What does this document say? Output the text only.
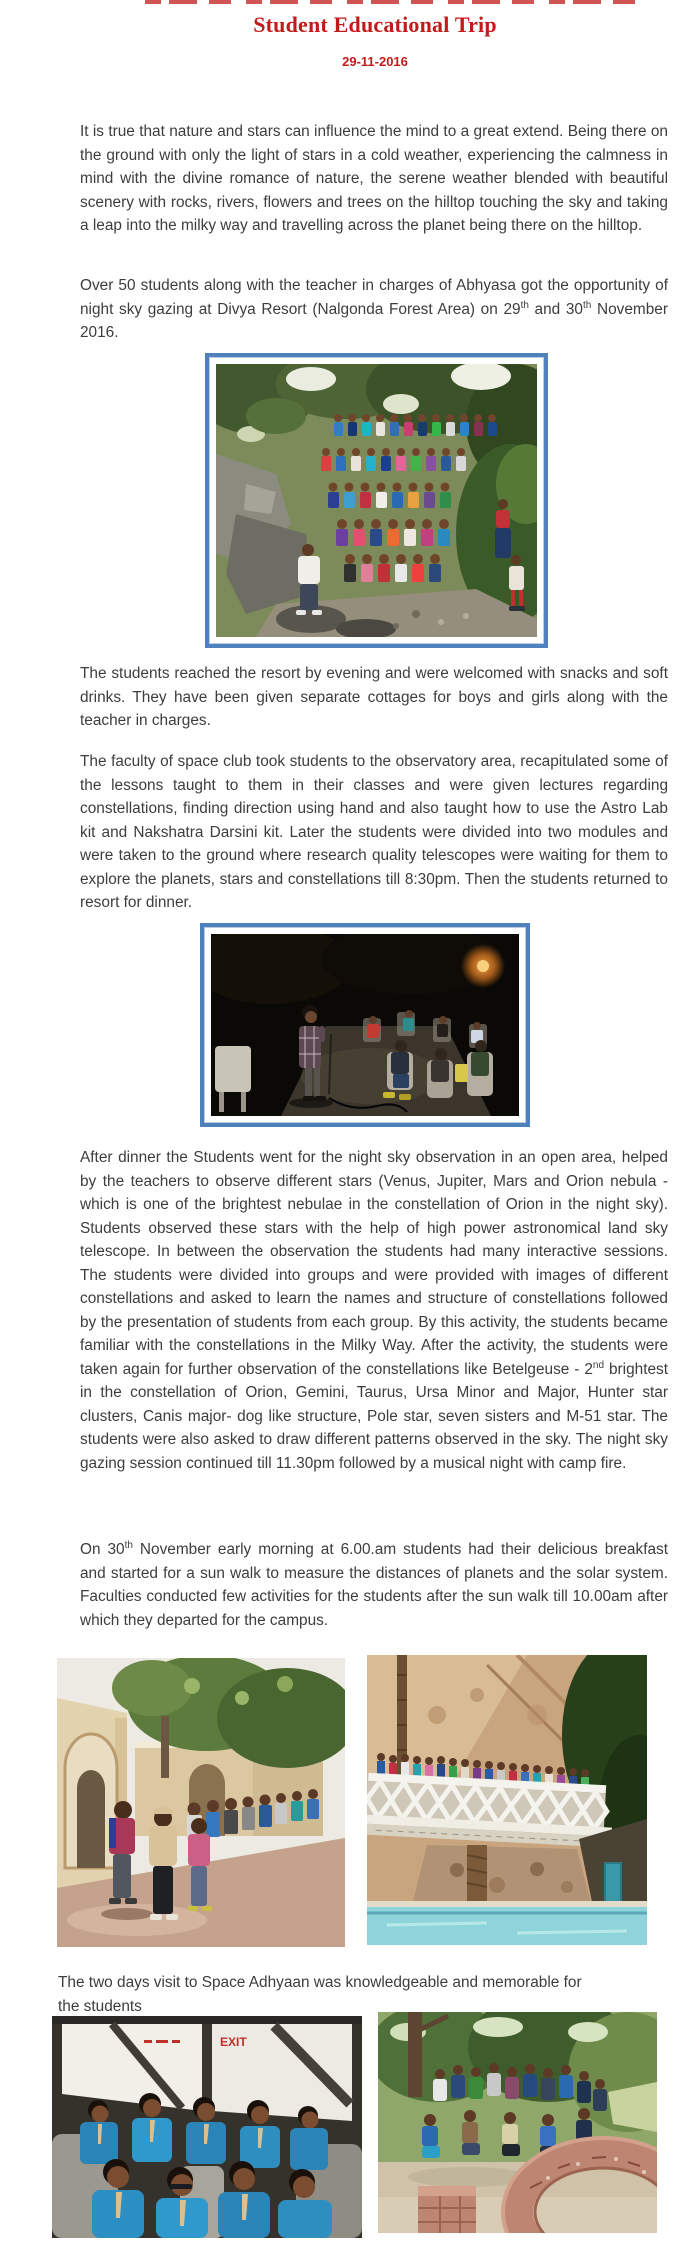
Student Educational Trip
29-11-2016

It is true that nature and stars can influence the mind to a great extend. Being there on the ground with only the light of stars in a cold weather, experiencing the calmness in mind with the divine romance of nature, the serene weather blended with beautiful scenery with rocks, rivers, flowers and trees on the hilltop touching the sky and taking a leap into the milky way and travelling across the planet being there on the hilltop.

Over 50 students along with the teacher in charges of Abhyasa got the opportunity of night sky gazing at Divya Resort (Nalgonda Forest Area) on 29th and 30th November 2016.

The students reached the resort by evening and were welcomed with snacks and soft drinks. They have been given separate cottages for boys and girls along with the teacher in charges.

The faculty of space club took students to the observatory area, recapitulated some of the lessons taught to them in their classes and were given lectures regarding constellations, finding direction using hand and also taught how to use the Astro Lab kit and Nakshatra Darsini kit. Later the students were divided into two modules and were taken to the ground where research quality telescopes were waiting for them to explore the planets, stars and constellations till 8:30pm. Then the students returned to resort for dinner.

After dinner the Students went for the night sky observation in an open area, helped by the teachers to observe different stars (Venus, Jupiter, Mars and Orion nebula -which is one of the brightest nebulae in the constellation of Orion in the night sky). Students observed these stars with the help of high power astronomical land sky telescope. In between the observation the students had many interactive sessions. The students were divided into groups and were provided with images of different constellations and asked to learn the names and structure of constellations followed by the presentation of students from each group. By this activity, the students became familiar with the constellations in the Milky Way. After the activity, the students were taken again for further observation of the constellations like Betelgeuse - 2nd brightest in the constellation of Orion, Gemini, Taurus, Ursa Minor and Major, Hunter star clusters, Canis major- dog like structure, Pole star, seven sisters and M-51 star. The students were also asked to draw different patterns observed in the sky. The night sky gazing session continued till 11.30pm followed by a musical night with camp fire.

On 30th November early morning at 6.00.am students had their delicious breakfast and started for a sun walk to measure the distances of planets and the solar system. Faculties conducted few activities for the students after the sun walk till 10.00am after which they departed for the campus.

The two days visit to Space Adhyaan was knowledgeable and memorable for the students

EXIT
